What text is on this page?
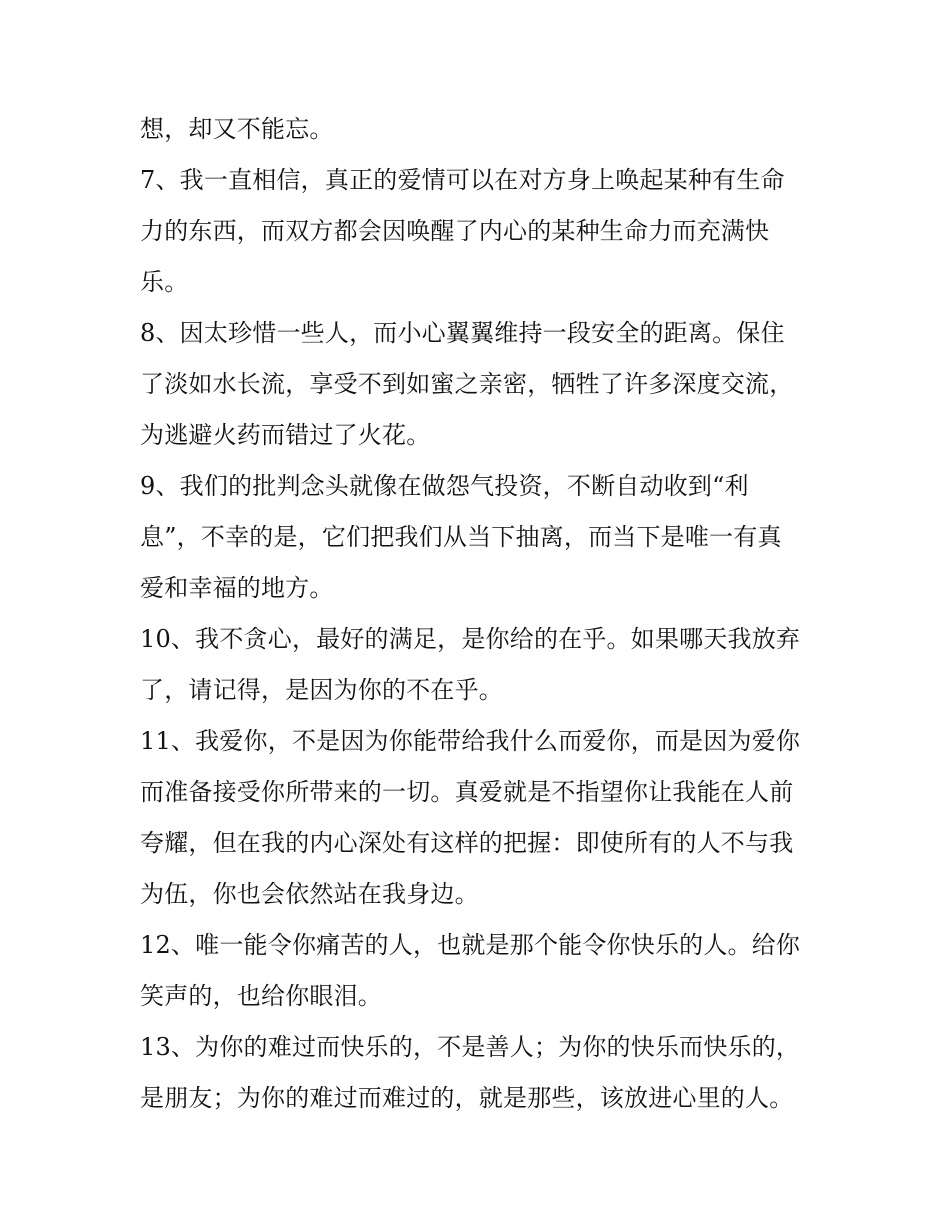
想，却又不能忘。
7、我一直相信，真正的爱情可以在对方身上唤起某种有生命
力的东西，而双方都会因唤醒了内心的某种生命力而充满快
乐。
8、因太珍惜一些人，而小心翼翼维持一段安全的距离。保住
了淡如水长流，享受不到如蜜之亲密，牺牲了许多深度交流，
为逃避火药而错过了火花。
9、我们的批判念头就像在做怨气投资，不断自动收到“利
息”，不幸的是，它们把我们从当下抽离，而当下是唯一有真
爱和幸福的地方。
10、我不贪心，最好的满足，是你给的在乎。如果哪天我放弃
了，请记得，是因为你的不在乎。
11、我爱你，不是因为你能带给我什么而爱你，而是因为爱你
而准备接受你所带来的一切。真爱就是不指望你让我能在人前
夸耀，但在我的内心深处有这样的把握：即使所有的人不与我
为伍，你也会依然站在我身边。
12、唯一能令你痛苦的人，也就是那个能令你快乐的人。给你
笑声的，也给你眼泪。
13、为你的难过而快乐的，不是善人；为你的快乐而快乐的，
是朋友；为你的难过而难过的，就是那些，该放进心里的人。
